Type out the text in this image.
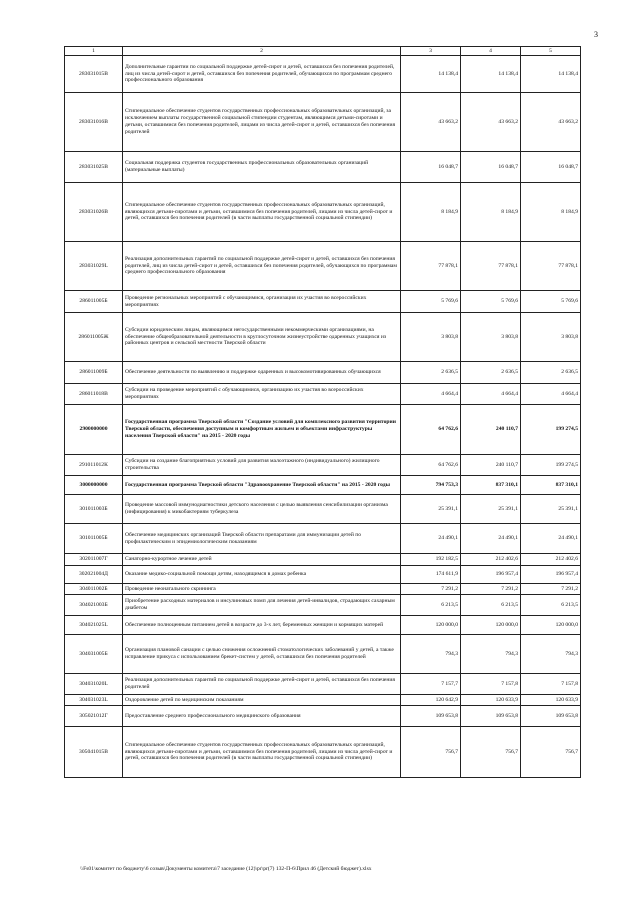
3
1	2	3	4	5
283031015В	Дополнительные гарантии по социальной поддержке детей-сирот и детей, оставшихся без попечения родителей, лиц из числа детей-сирот и детей, оставшихся без попечения родителей, обучающихся по программам среднего профессионального образования	14 138,4	14 138,4	14 138,4
283031016В	Стипендиальное обеспечение студентов государственных профессиональных образовательных организаций, за исключением выплаты государственной социальной стипендии студентам, являющимся детьми-сиротами и детьми, оставшимися без попечения родителей, лицами из числа детей-сирот и детей, оставшихся без попечения родителей	43 663,2	43 663,2	43 663,2
283031025В	Социальная поддержка студентов государственных профессиональных образовательных организаций (материальные выплаты)	16 048,7	16 048,7	16 048,7
283031026В	Стипендиальное обеспечение студентов государственных профессиональных образовательных организаций, являющихся детьми-сиротами и детьми, оставшимися без попечения родителей, лицами из числа детей-сирот и детей, оставшихся без попечения родителей (в части выплаты государственной социальной стипендии)	8 184,9	8 184,9	8 184,9
283031029L	Реализация дополнительных гарантий по социальной поддержке детей-сирот и детей, оставшихся без попечения родителей, лиц из числа детей-сирот и детей, оставшихся без попечения родителей, обучающихся по программам среднего профессионального образования	77 878,1	77 878,1	77 878,1
286011005Б	Проведение региональных мероприятий с обучающимися, организация их участия во всероссийских мероприятиях	5 769,6	5 769,6	5 769,6
286011005Ж	Субсидии юридическим лицам, являющимся негосударственными некоммерческими организациями, на обеспечение общеобразовательной деятельности в круглосуточном жизнеустройстве одаренных учащихся из районных центров и сельской местности Тверской области	3 803,8	3 803,8	3 803,8
286011009Б	Обеспечение деятельности по выявлению и поддержке одаренных и высокомотивированных обучающихся	2 636,5	2 636,5	2 636,5
286011018В	Субсидии на проведение мероприятий с обучающимися, организацию их участия во всероссийских мероприятиях	4 664,4	4 664,4	4 664,4
2900000000	Государственная программа Тверской области "Создание условий для комплексного развития территории Тверской области, обеспечения доступным и комфортным жильем и объектами инфраструктуры населения Тверской области" на 2015 - 2020 годы	64 762,6	240 110,7	199 274,5
291011012К	Субсидии на создание благоприятных условий для развития малоэтажного (индивидуального) жилищного строительства	64 762,6	240 110,7	199 274,5
3000000000	Государственная программа Тверской области "Здравоохранение Тверской области" на 2015 - 2020 годы	794 753,3	837 310,1	837 310,1
301011003Б	Проведение массовой иммунодиагностики детского населения с целью выявления сенсибилизации организма (инфицирования) к микобактериям туберкулеза	25 391,1	25 391,1	25 391,1
301011005Б	Обеспечение медицинских организаций Тверской области препаратами для иммунизации детей по профилактическим и эпидемиологическим показаниям	24 490,1	24 490,1	24 490,1
302011007Г	Санаторно-курортное лечение детей	192 182,5	212 402,6	212 402,6
302021004Д	Оказание медико-социальной помощи детям, находящимся в домах ребенка	174 611,9	196 957,4	196 957,4
304011002Б	Проведение неонатального скрининга	7 291,2	7 291,2	7 291,2
304021003Б	Приобретение расходных материалов и инсулиновых помп для лечения детей-инвалидов, страдающих сахарным диабетом	6 213,5	6 213,5	6 213,5
304021025L	Обеспечение полноценным питанием детей в возрасте до 3-х лет, беременных женщин и кормящих матерей	120 000,0	120 000,0	120 000,0
304031005Б	Организация плановой санации с целью снижения осложнений стоматологических заболеваний у детей, а также исправление прикуса с использованием брекет-систем у детей, оставшихся без попечения родителей	794,3	794,3	794,3
304031020L	Реализация дополнительных гарантий по социальной поддержке детей-сирот и детей, оставшихся без попечения родителей	7 157,7	7 157,8	7 157,8
304031023L	Оздоровление детей по медицинским показаниям	120 642,9	120 633,9	120 633,9
305021012Г	Предоставление среднего профессионального медицинского образования	109 653,8	109 653,8	109 653,8
305041015В	Стипендиальное обеспечение студентов государственных профессиональных образовательных организаций, являющихся детьми-сиротами и детьми, оставшимися без попечения родителей, лицами из числа детей-сирот и детей, оставшихся без попечения родителей (в части выплаты государственной социальной стипендии)	756,7	756,7	756,7
\\Fs01\комитет по бюджету\6 созыв\Документы комитета\7 заседание (12)\pr\pr(7) 132-П-6\Прил 46 (Детский бюджет).xlsx
